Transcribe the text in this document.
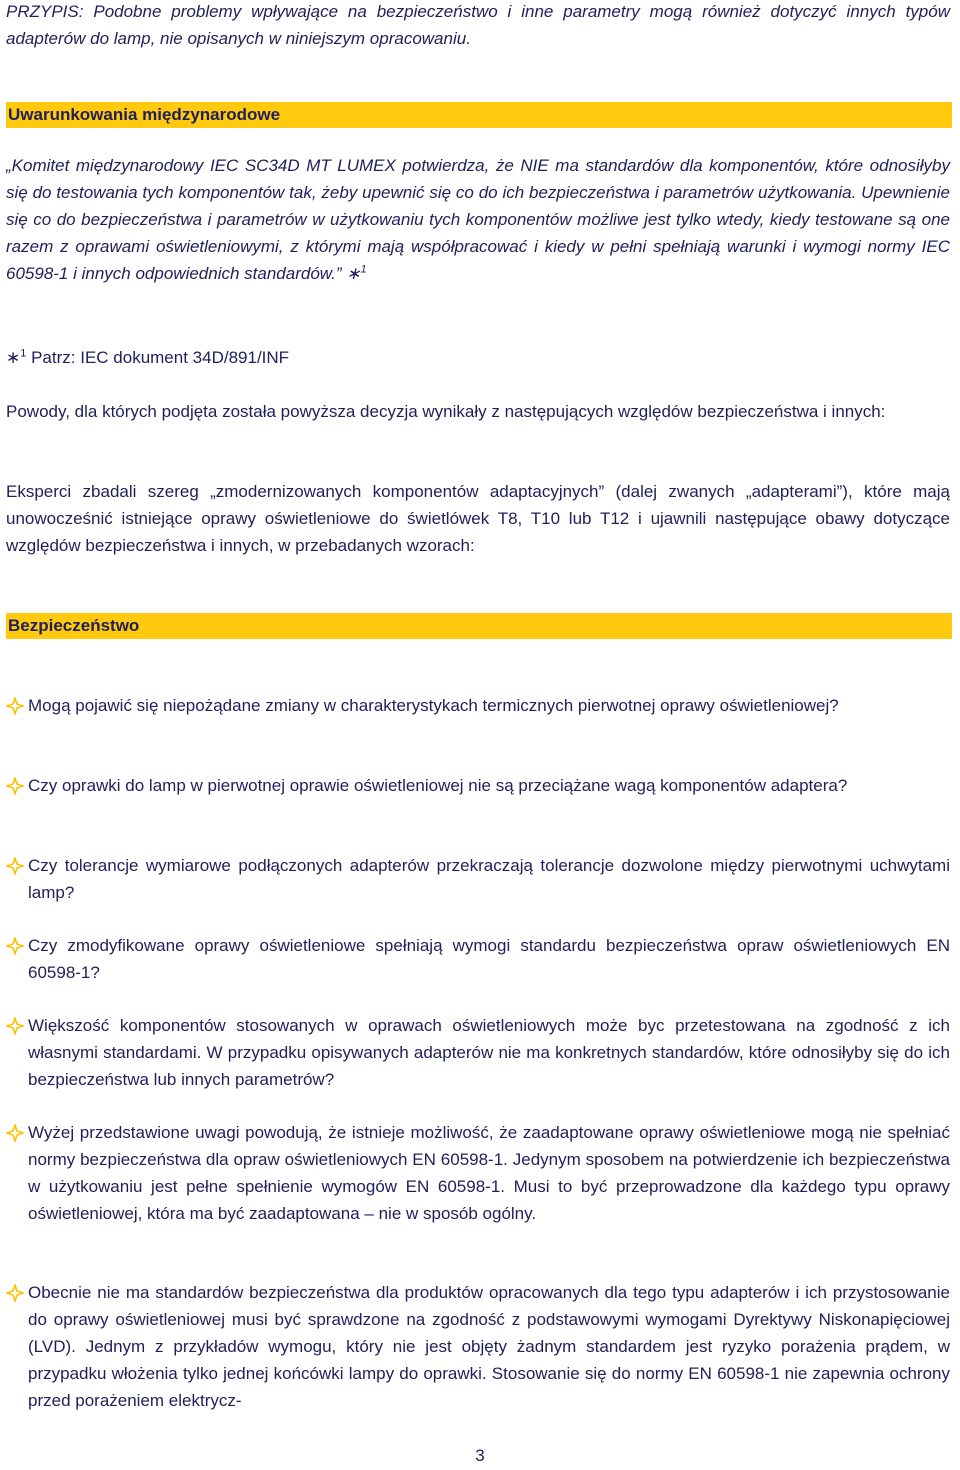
PRZYPIS: Podobne problemy wpływające na bezpieczeństwo i inne parametry mogą również dotyczyć innych typów adapterów do lamp, nie opisanych w niniejszym opracowaniu.

Uwarunkowania międzynarodowe

„Komitet międzynarodowy IEC SC34D MT LUMEX potwierdza, że NIE ma standardów dla komponentów, które odnosiłyby się do testowania tych komponentów tak, żeby upewnić się co do ich bezpieczeństwa i parametrów użytkowania. Upewnienie się co do bezpieczeństwa i parametrów w użytkowaniu tych komponentów możliwe jest tylko wtedy, kiedy testowane są one razem z oprawami oświetleniowymi, z którymi mają współpracować i kiedy w pełni spełniają warunki i wymogi normy IEC 60598-1 i innych odpowiednich standardów.” ∗$^1$

∗$^1$ Patrz: IEC dokument 34D/891/INF

Powody, dla których podjęta została powyższa decyzja wynikały z następujących względów bezpieczeństwa i innych:

Eksperci zbadali szereg „zmodernizowanych komponentów adaptacyjnych” (dalej zwanych „adapterami”), które mają unowocześnić istniejące oprawy oświetleniowe do świetlówek T8, T10 lub T12 i ujawnili następujące obawy dotyczące względów bezpieczeństwa i innych, w przebadanych wzorach:

Bezpieczeństwo
Mogą pojawić się niepożądane zmiany w charakterystykach termicznych pierwotnej oprawy oświetleniowej?
Czy oprawki do lamp w pierwotnej oprawie oświetleniowej nie są przeciążane wagą komponentów adaptera?
Czy tolerancje wymiarowe podłączonych adapterów przekraczają tolerancje dozwolone między pierwotnymi uchwytami lamp?
Czy zmodyfikowane oprawy oświetleniowe spełniają wymogi standardu bezpieczeństwa opraw oświetleniowych EN 60598-1?
Większość komponentów stosowanych w oprawach oświetleniowych może byc przetestowana na zgodność z ich własnymi standardami. W przypadku opisywanych adapterów nie ma konkretnych standardów, które odnosiłyby się do ich bezpieczeństwa lub innych parametrów?
Wyżej przedstawione uwagi powodują, że istnieje możliwość, że zaadaptowane oprawy oświetleniowe mogą nie spełniać normy bezpieczeństwa dla opraw oświetleniowych EN 60598-1. Jedynym sposobem na potwierdzenie ich bezpieczeństwa w użytkowaniu jest pełne spełnienie wymogów EN 60598-1. Musi to być przeprowadzone dla każdego typu oprawy oświetleniowej, która ma być zaadaptowana – nie w sposób ogólny.
Obecnie nie ma standardów bezpieczeństwa dla produktów opracowanych dla tego typu adapterów i ich przystosowanie do oprawy oświetleniowej musi być sprawdzone na zgodność z podstawowymi wymogami Dyrektywy Niskonapięciowej (LVD). Jednym z przykładów wymogu, który nie jest objęty żadnym standardem jest ryzyko porażenia prądem, w przypadku włożenia tylko jednej końcówki lampy do oprawki. Stosowanie się do normy EN 60598-1 nie zapewnia ochrony przed porażeniem elektrycz-
3
